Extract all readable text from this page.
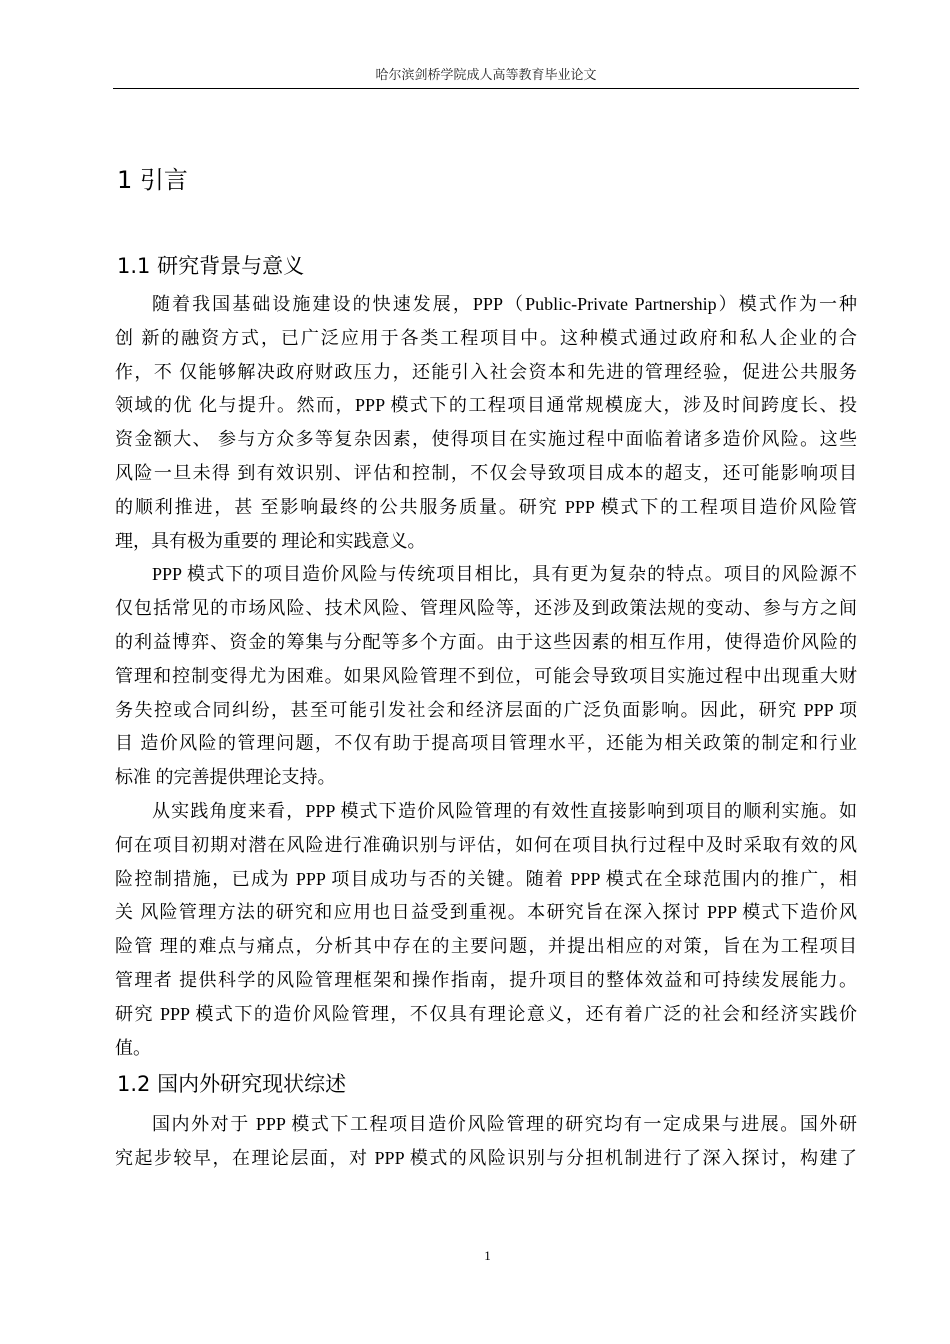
哈尔滨剑桥学院成人高等教育毕业论文
1 引言
1.1 研究背景与意义
随着我国基础设施建设的快速发展，PPP（Public-Private Partnership）模式作为一种
创 新的融资方式，已广泛应用于各类工程项目中。这种模式通过政府和私人企业的合
作，不 仅能够解决政府财政压力，还能引入社会资本和先进的管理经验，促进公共服务
领域的优 化与提升。然而，PPP 模式下的工程项目通常规模庞大，涉及时间跨度长、投
资金额大、 参与方众多等复杂因素，使得项目在实施过程中面临着诸多造价风险。这些
风险一旦未得 到有效识别、评估和控制，不仅会导致项目成本的超支，还可能影响项目
的顺利推进，甚 至影响最终的公共服务质量。研究 PPP 模式下的工程项目造价风险管
理，具有极为重要的 理论和实践意义。
PPP 模式下的项目造价风险与传统项目相比，具有更为复杂的特点。项目的风险源不
仅包括常见的市场风险、技术风险、管理风险等，还涉及到政策法规的变动、参与方之间
的利益博弈、资金的筹集与分配等多个方面。由于这些因素的相互作用，使得造价风险的
管理和控制变得尤为困难。如果风险管理不到位，可能会导致项目实施过程中出现重大财
务失控或合同纠纷，甚至可能引发社会和经济层面的广泛负面影响。因此，研究 PPP 项
目 造价风险的管理问题，不仅有助于提高项目管理水平，还能为相关政策的制定和行业
标准 的完善提供理论支持。
从实践角度来看，PPP 模式下造价风险管理的有效性直接影响到项目的顺利实施。如
何在项目初期对潜在风险进行准确识别与评估，如何在项目执行过程中及时采取有效的风
险控制措施，已成为 PPP 项目成功与否的关键。随着 PPP 模式在全球范围内的推广，相
关 风险管理方法的研究和应用也日益受到重视。本研究旨在深入探讨 PPP 模式下造价风
险管 理的难点与痛点，分析其中存在的主要问题，并提出相应的对策，旨在为工程项目
管理者 提供科学的风险管理框架和操作指南，提升项目的整体效益和可持续发展能力。
研究 PPP 模式下的造价风险管理，不仅具有理论意义，还有着广泛的社会和经济实践价
值。
1.2 国内外研究现状综述
国内外对于 PPP 模式下工程项目造价风险管理的研究均有一定成果与进展。国外研
究起步较早，在理论层面，对 PPP 模式的风险识别与分担机制进行了深入探讨，构建了
1
